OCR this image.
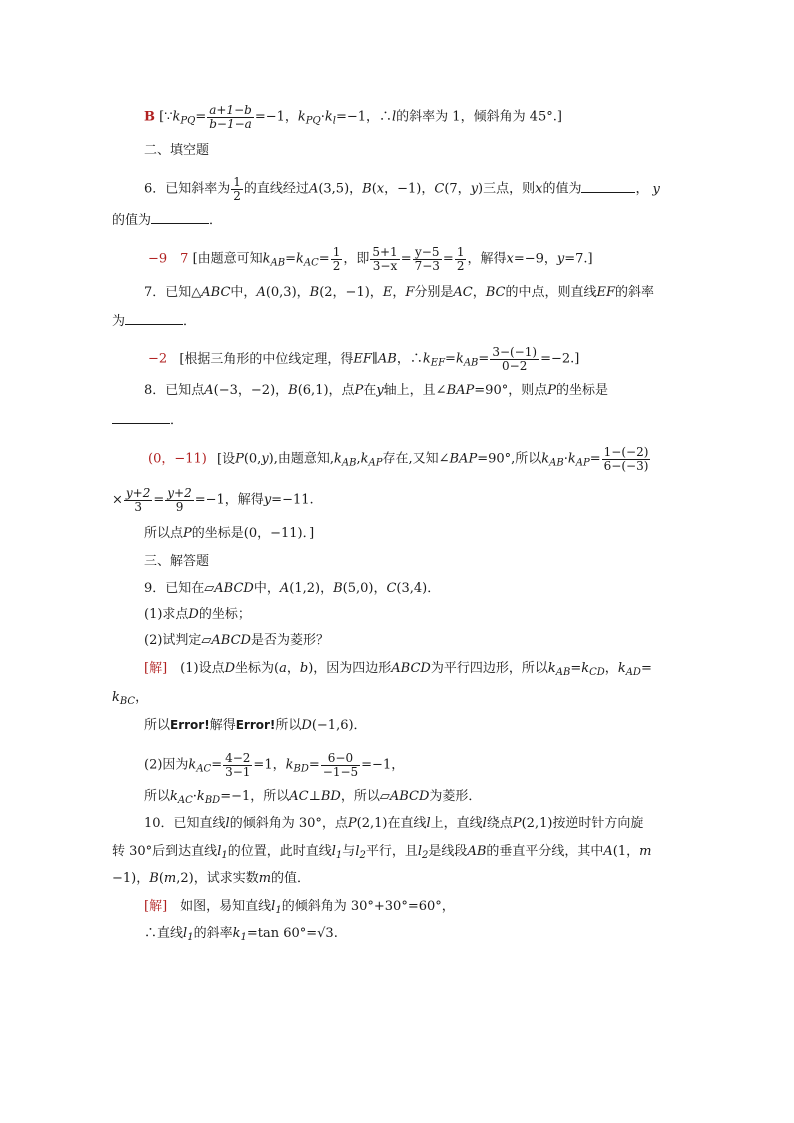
B [$\because k_{PQ}= \frac{a+1-b}{b-1-a} =-1$，$k_{PQ}\cdot k_l=-1$，∴l的斜率为 1，倾斜角为 45°.]
二、填空题
6．已知斜率为 $\frac{1}{2}$ 的直线经过A(3,5)，B(x，−1)，C(7，y)三点，则x的值为	， y
的值为	．
−9　7 [由题意可知$k_{AB}=k_{AC}= \frac{1}{2}$ ，即 $\frac{5+1}{3-x} = \frac{y-5}{7-3} = \frac{1}{2}$ ，解得x=−9，y=7.]
7．已知△ABC中，A(0,3)，B(2，−1)，E，F分别是AC，BC的中点，则直线EF的斜率
为	．
−2 [根据三角形的中位线定理，得EF∥AB，$\therefore k_{EF}=k_{AB}= \frac{3-(-1)}{0-2} =-2$.]
8．已知点A(−3，−2)，B(6,1)，点P在y轴上，且∠BAP=90°，则点P的坐标是
．
(0，−11) [设P(0,y),由题意知$,k_{AB},k_{AP}$存在,又知∠BAP=90°,所以$k_{AB}\cdot k_{AP}= \frac{1-(-2)}{6-(-3)}$
× $\frac{y+2}{3} = \frac{y+2}{9} =-1$，解得y=−11.
所以点P的坐标是(0，−11)．]
三、解答题
9．已知在▱ABCD中，A(1,2)，B(5,0)，C(3,4)．
(1)求点D的坐标；
(2)试判定▱ABCD是否为菱形？
[解]　(1)设点D坐标为(a，b)，因为四边形ABCD为平行四边形，所以$k_{AB}=k_{CD}$，$k_{AD}=$
$k_{BC}$，
所以Error!解得Error!所以D(−1,6)．
(2)因为$k_{AC}= \frac{4-2}{3-1} =1$，$k_{BD}= \frac{6-0}{-1-5} =-1$，
所以$k_{AC}\cdot k_{BD}=-1$，所以AC⊥BD，所以▱ABCD为菱形．
10．已知直线l的倾斜角为 30°，点P(2,1)在直线l上，直线l绕点P(2,1)按逆时针方向旋
转 30°后到达直线$l_1$的位置，此时直线$l_1$与$l_2$平行，且$l_2$是线段AB的垂直平分线，其中A(1，m
−1)，B(m,2)，试求实数m的值．
[解]　如图，易知直线$l_1$的倾斜角为 30°+30°=60°，
∴直线$l_1$的斜率$k_1=\tan$ 60°=√3.
